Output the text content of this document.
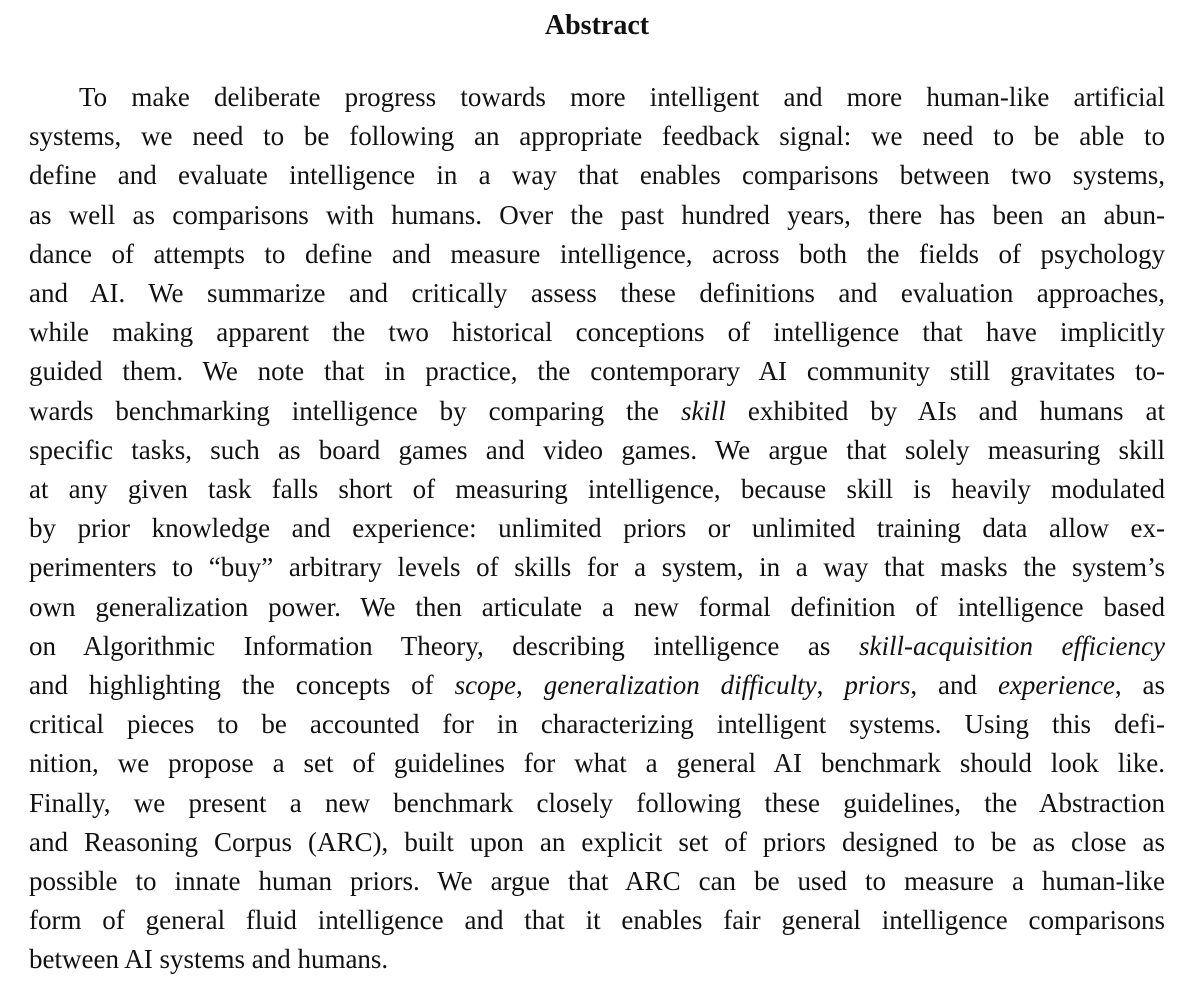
Abstract

To make deliberate progress towards more intelligent and more human-like artificial
systems, we need to be following an appropriate feedback signal: we need to be able to
define and evaluate intelligence in a way that enables comparisons between two systems,
as well as comparisons with humans. Over the past hundred years, there has been an abun-
dance of attempts to define and measure intelligence, across both the fields of psychology
and AI. We summarize and critically assess these definitions and evaluation approaches,
while making apparent the two historical conceptions of intelligence that have implicitly
guided them. We note that in practice, the contemporary AI community still gravitates to-
wards benchmarking intelligence by comparing the skill exhibited by AIs and humans at
specific tasks, such as board games and video games. We argue that solely measuring skill
at any given task falls short of measuring intelligence, because skill is heavily modulated
by prior knowledge and experience: unlimited priors or unlimited training data allow ex-
perimenters to “buy” arbitrary levels of skills for a system, in a way that masks the system’s
own generalization power. We then articulate a new formal definition of intelligence based
on Algorithmic Information Theory, describing intelligence as skill-acquisition efficiency
and highlighting the concepts of scope, generalization difficulty, priors, and experience, as
critical pieces to be accounted for in characterizing intelligent systems. Using this defi-
nition, we propose a set of guidelines for what a general AI benchmark should look like.
Finally, we present a new benchmark closely following these guidelines, the Abstraction
and Reasoning Corpus (ARC), built upon an explicit set of priors designed to be as close as
possible to innate human priors. We argue that ARC can be used to measure a human-like
form of general fluid intelligence and that it enables fair general intelligence comparisons
between AI systems and humans.
